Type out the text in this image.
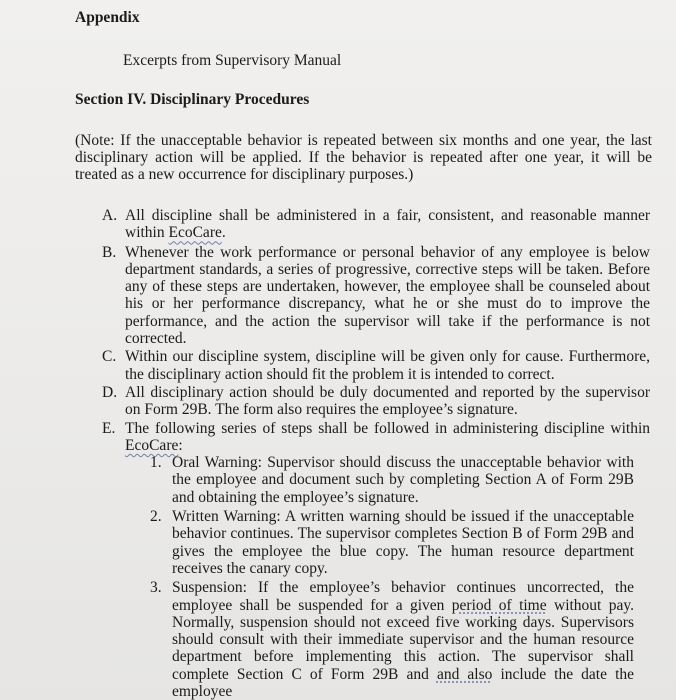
Appendix
Excerpts from Supervisory Manual
Section IV. Disciplinary Procedures
(Note: If the unacceptable behavior is repeated between six months and one year, the last disciplinary action will be applied. If the behavior is repeated after one year, it will be treated as a new occurrence for disciplinary purposes.)
A. All discipline shall be administered in a fair, consistent, and reasonable manner within EcoCare.
B. Whenever the work performance or personal behavior of any employee is below department standards, a series of progressive, corrective steps will be taken. Before any of these steps are undertaken, however, the employee shall be counseled about his or her performance discrepancy, what he or she must do to improve the performance, and the action the supervisor will take if the performance is not corrected.
C. Within our discipline system, discipline will be given only for cause. Furthermore, the disciplinary action should fit the problem it is intended to correct.
D. All disciplinary action should be duly documented and reported by the supervisor on Form 29B. The form also requires the employee’s signature.
E. The following series of steps shall be followed in administering discipline within EcoCare:
1. Oral Warning: Supervisor should discuss the unacceptable behavior with the employee and document such by completing Section A of Form 29B and obtaining the employee’s signature.
2. Written Warning: A written warning should be issued if the unacceptable behavior continues. The supervisor completes Section B of Form 29B and gives the employee the blue copy. The human resource department receives the canary copy.
3. Suspension: If the employee’s behavior continues uncorrected, the employee shall be suspended for a given period of time without pay. Normally, suspension should not exceed five working days. Supervisors should consult with their immediate supervisor and the human resource department before implementing this action. The supervisor shall complete Section C of Form 29B and and also include the date the employee
